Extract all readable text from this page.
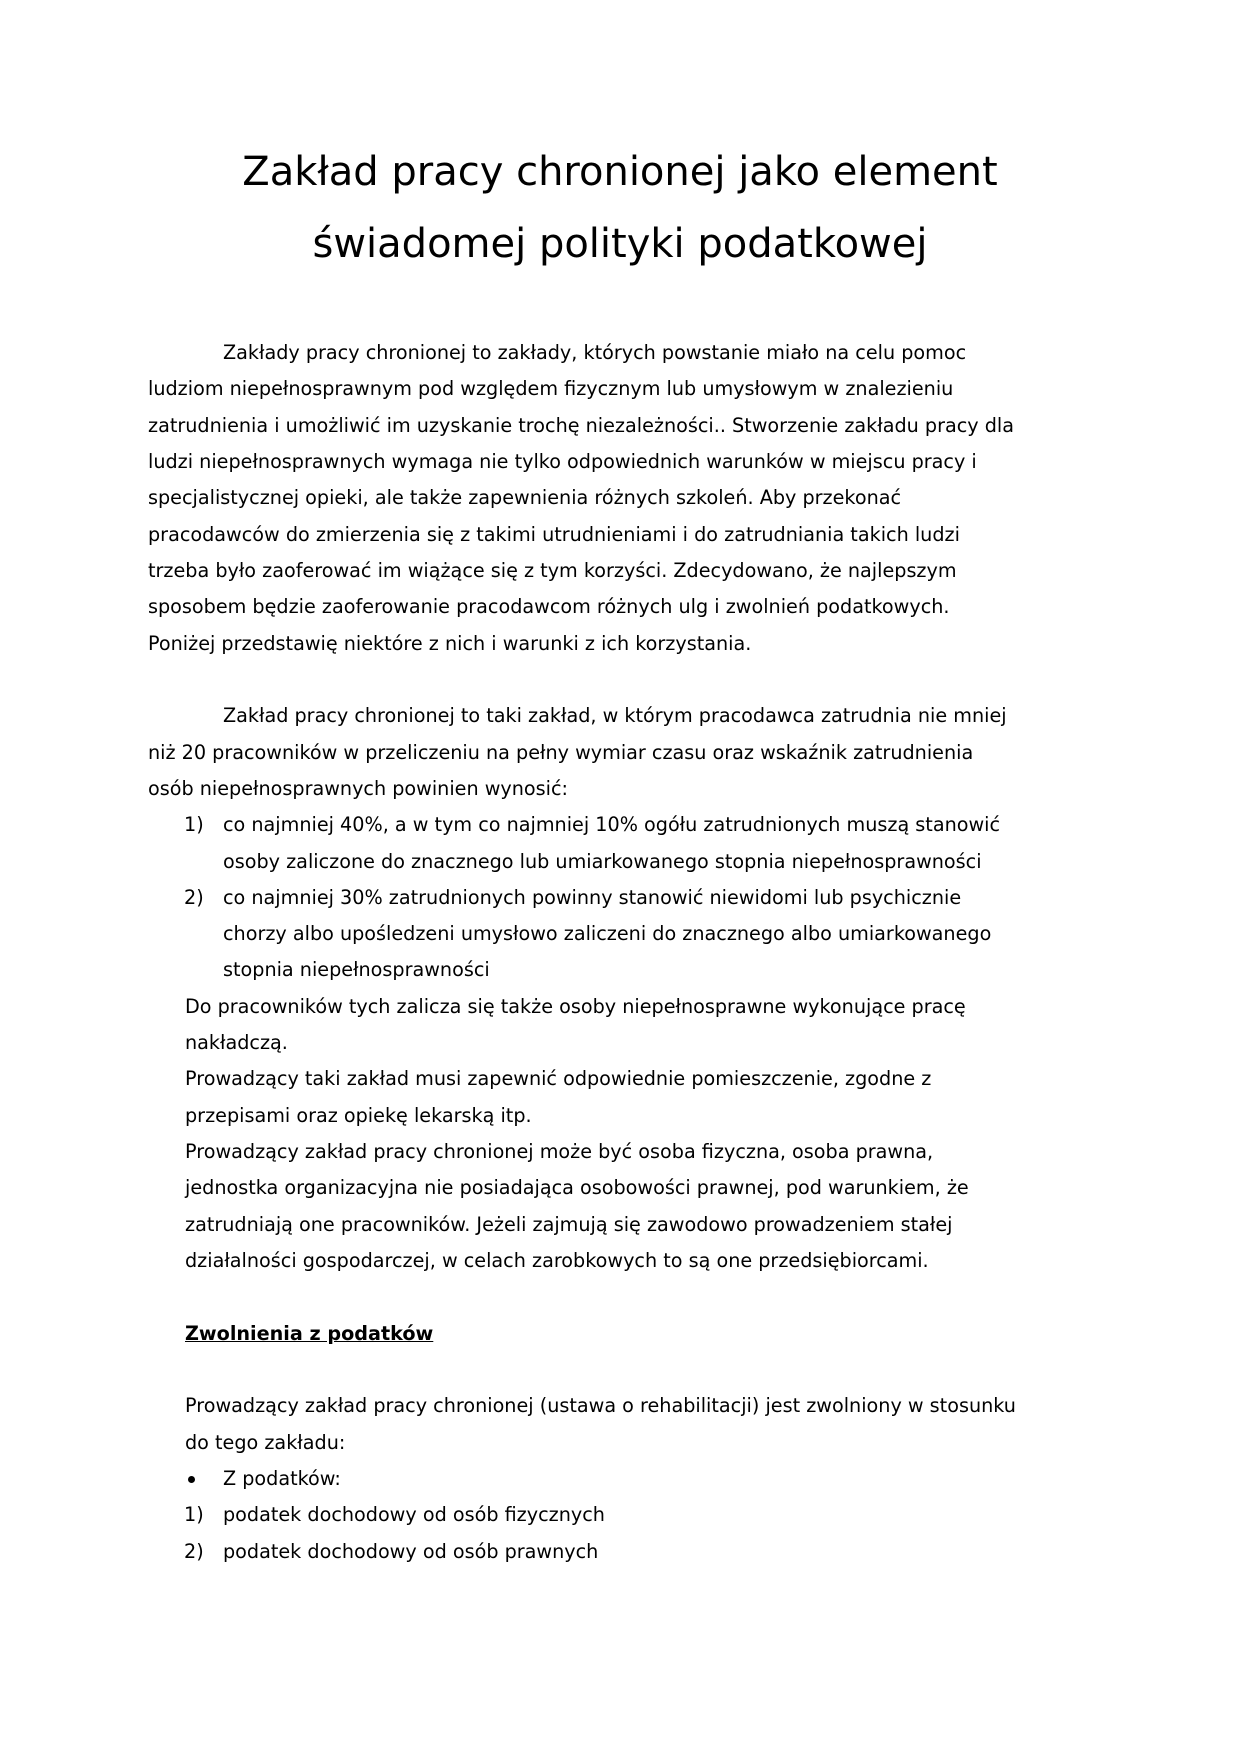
Zakład pracy chronionej jako element
świadomej polityki podatkowej
Zakłady pracy chronionej to zakłady, których powstanie miało na celu pomoc
ludziom niepełnosprawnym pod względem fizycznym lub umysłowym w znalezieniu
zatrudnienia i umożliwić im uzyskanie trochę niezależności.. Stworzenie zakładu pracy dla
ludzi niepełnosprawnych wymaga nie tylko odpowiednich warunków w miejscu pracy i
specjalistycznej opieki, ale także zapewnienia różnych szkoleń. Aby przekonać
pracodawców do zmierzenia się z takimi utrudnieniami i do zatrudniania takich ludzi
trzeba było zaoferować im wiążące się z tym korzyści. Zdecydowano, że najlepszym
sposobem będzie zaoferowanie pracodawcom różnych ulg i zwolnień podatkowych.
Poniżej przedstawię niektóre z nich i warunki z ich korzystania.
Zakład pracy chronionej to taki zakład, w którym pracodawca zatrudnia nie mniej
niż 20 pracowników w przeliczeniu na pełny wymiar czasu oraz wskaźnik zatrudnienia
osób niepełnosprawnych powinien wynosić:
1) co najmniej 40%, a w tym co najmniej 10% ogółu zatrudnionych muszą stanowić
osoby zaliczone do znacznego lub umiarkowanego stopnia niepełnosprawności
2) co najmniej 30% zatrudnionych powinny stanowić niewidomi lub psychicznie
chorzy albo upośledzeni umysłowo zaliczeni do znacznego albo umiarkowanego
stopnia niepełnosprawności
Do pracowników tych zalicza się także osoby niepełnosprawne wykonujące pracę
nakładczą.
Prowadzący taki zakład musi zapewnić odpowiednie pomieszczenie, zgodne z
przepisami oraz opiekę lekarską itp.
Prowadzący zakład pracy chronionej może być osoba fizyczna, osoba prawna,
jednostka organizacyjna nie posiadająca osobowości prawnej, pod warunkiem, że
zatrudniają one pracowników. Jeżeli zajmują się zawodowo prowadzeniem stałej
działalności gospodarczej, w celach zarobkowych to są one przedsiębiorcami.
Zwolnienia z podatków
Prowadzący zakład pracy chronionej (ustawa o rehabilitacji) jest zwolniony w stosunku
do tego zakładu:
Z podatków:
1) podatek dochodowy od osób fizycznych
2) podatek dochodowy od osób prawnych
